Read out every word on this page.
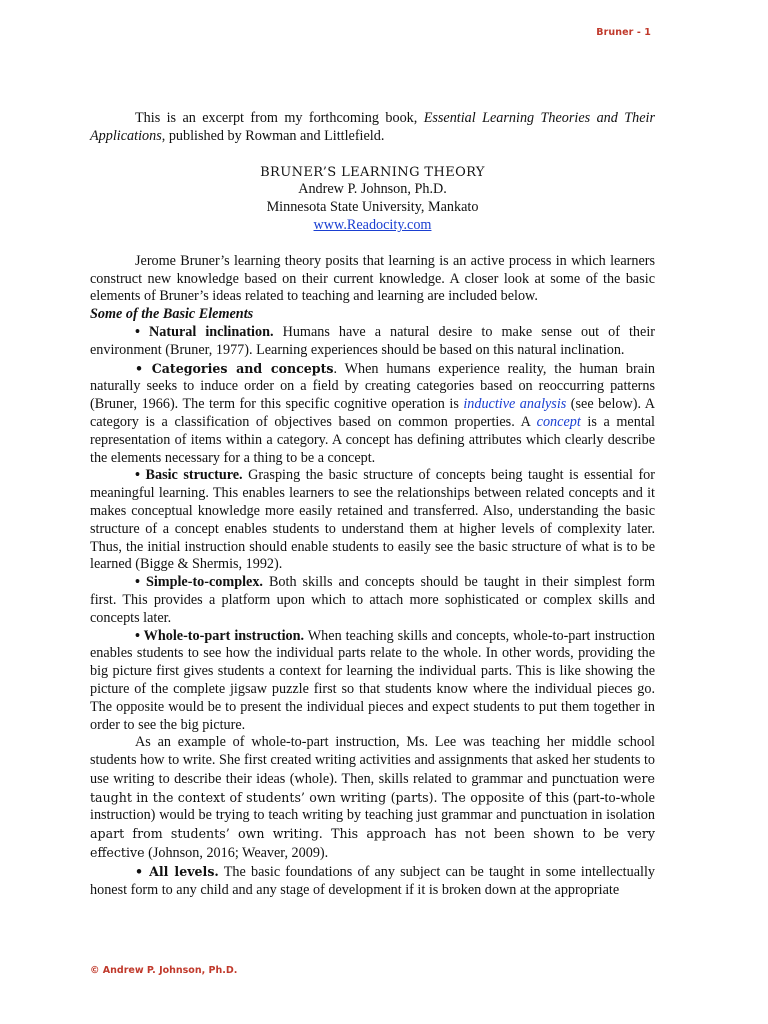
Bruner - 1

This is an excerpt from my forthcoming book, Essential Learning Theories and Their Applications, published by Rowman and Littlefield.

BRUNER’S LEARNING THEORY
Andrew P. Johnson, Ph.D.
Minnesota State University, Mankato
www.Readocity.com

Jerome Bruner’s learning theory posits that learning is an active process in which learners construct new knowledge based on their current knowledge. A closer look at some of the basic elements of Bruner’s ideas related to teaching and learning are included below.

Some of the Basic Elements

• Natural inclination. Humans have a natural desire to make sense out of their environment (Bruner, 1977). Learning experiences should be based on this natural inclination.

• Categories and concepts. When humans experience reality, the human brain naturally seeks to induce order on a field by creating categories based on reoccurring patterns (Bruner, 1966). The term for this specific cognitive operation is inductive analysis (see below). A category is a classification of objectives based on common properties. A concept is a mental representation of items within a category. A concept has defining attributes which clearly describe the elements necessary for a thing to be a concept.

• Basic structure. Grasping the basic structure of concepts being taught is essential for meaningful learning. This enables learners to see the relationships between related concepts and it makes conceptual knowledge more easily retained and transferred. Also, understanding the basic structure of a concept enables students to understand them at higher levels of complexity later. Thus, the initial instruction should enable students to easily see the basic structure of what is to be learned (Bigge & Shermis, 1992).

• Simple-to-complex. Both skills and concepts should be taught in their simplest form first. This provides a platform upon which to attach more sophisticated or complex skills and concepts later.

• Whole-to-part instruction. When teaching skills and concepts, whole-to-part instruction enables students to see how the individual parts relate to the whole. In other words, providing the big picture first gives students a context for learning the individual parts. This is like showing the picture of the complete jigsaw puzzle first so that students know where the individual pieces go. The opposite would be to present the individual pieces and expect students to put them together in order to see the big picture.

As an example of whole-to-part instruction, Ms. Lee was teaching her middle school students how to write. She first created writing activities and assignments that asked her students to use writing to describe their ideas (whole). Then, skills related to grammar and punctuation were taught in the context of students’ own writing (parts). The opposite of this (part-to-whole instruction) would be trying to teach writing by teaching just grammar and punctuation in isolation apart from students’ own writing. This approach has not been shown to be very effective (Johnson, 2016; Weaver, 2009).

• All levels. The basic foundations of any subject can be taught in some intellectually honest form to any child and any stage of development if it is broken down at the appropriate

© Andrew P. Johnson, Ph.D.
